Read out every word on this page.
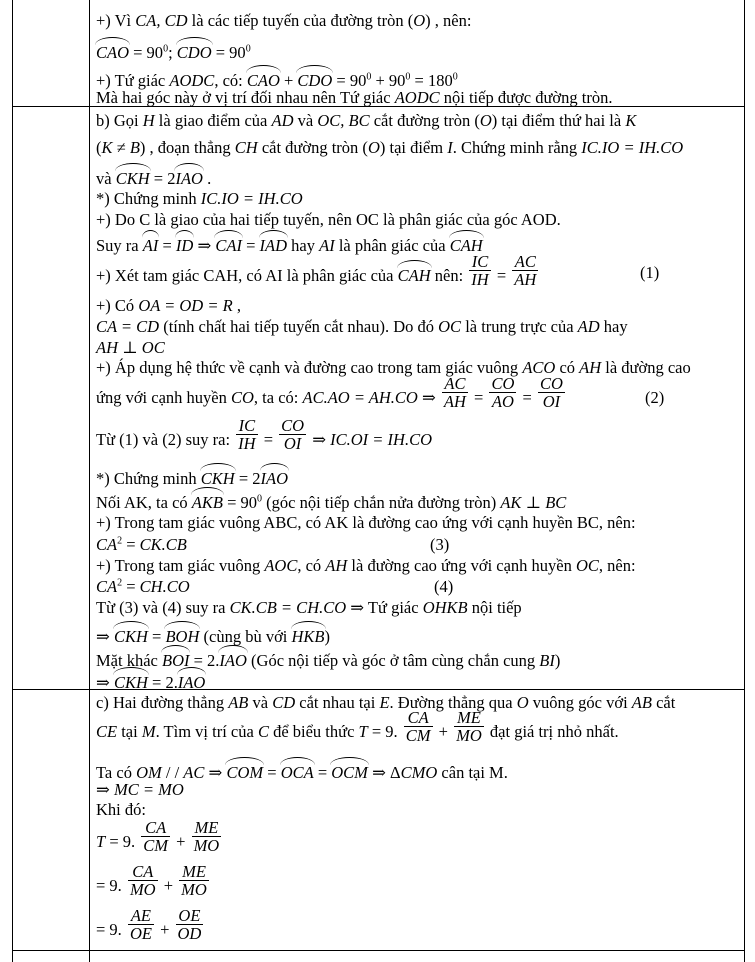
+) Vì CA, CD là các tiếp tuyến của đường tròn (O) , nên:
CAO = $90^0$; CDO = $90^0$
+) Tứ giác AODC, có: CAO + CDO = $90^0 + 90^0 = 180^0$
Mà hai góc này ở vị trí đối nhau nên Tứ giác AODC nội tiếp được đường tròn.
b) Gọi H là giao điểm của AD và OC, BC cắt đường tròn (O) tại điểm thứ hai là K
(K ≠ B) , đoạn thẳng CH cắt đường tròn (O) tại điểm I. Chứng minh rằng IC.IO = IH.CO
và CKH = 2IAO .
*) Chứng minh IC.IO = IH.CO
+) Do C là giao của hai tiếp tuyến, nên OC là phân giác của góc AOD.
Suy ra AI = ID ⇒ CAI = IAD hay AI là phân giác của CAH
+) Xét tam giác CAH, có AI là phân giác của CAH nên: $\frac{IC}{IH} = \frac{AC}{AH}$	(1)
+) Có OA = OD = R ,
CA = CD (tính chất hai tiếp tuyến cắt nhau). Do đó OC là trung trực của AD hay
AH ⊥ OC
+) Áp dụng hệ thức về cạnh và đường cao trong tam giác vuông ACO có AH là đường cao
ứng với cạnh huyền CO, ta có: AC.AO = AH.CO ⇒ $\frac{AC}{AH} = \frac{CO}{AO} = \frac{CO}{OI}$	(2)
Từ (1) và (2) suy ra: $\frac{IC}{IH} = \frac{CO}{OI}$ ⇒ IC.OI = IH.CO
*) Chứng minh CKH = 2IAO
Nối AK, ta có AKB = $90^0$ (góc nội tiếp chắn nửa đường tròn) AK ⊥ BC
+) Trong tam giác vuông ABC, có AK là đường cao ứng với cạnh huyền BC, nên:
$CA^2 = CK.CB$	(3)
+) Trong tam giác vuông AOC, có AH là đường cao ứng với cạnh huyền OC, nên:
$CA^2 = CH.CO$	(4)
Từ (3) và (4) suy ra CK.CB = CH.CO ⇒ Tứ giác OHKB nội tiếp
⇒ CKH = BOH (cùng bù với HKB)
Mặt khác BOI = 2.IAO (Góc nội tiếp và góc ở tâm cùng chắn cung BI)
⇒ CKH = 2.IAO
c) Hai đường thẳng AB và CD cắt nhau tại E. Đường thẳng qua O vuông góc với AB cắt
CE tại M. Tìm vị trí của C để biểu thức T = 9. $\frac{CA}{CM} + \frac{ME}{MO}$ đạt giá trị nhỏ nhất.
Ta có OM / / AC ⇒ COM = OCA = OCM ⇒ ΔCMO cân tại M.
⇒ MC = MO
Khi đó:
T = 9. $\frac{CA}{CM} + \frac{ME}{MO}$
= 9. $\frac{CA}{MO} + \frac{ME}{MO}$
= 9. $\frac{AE}{OE} + \frac{OE}{OD}$
